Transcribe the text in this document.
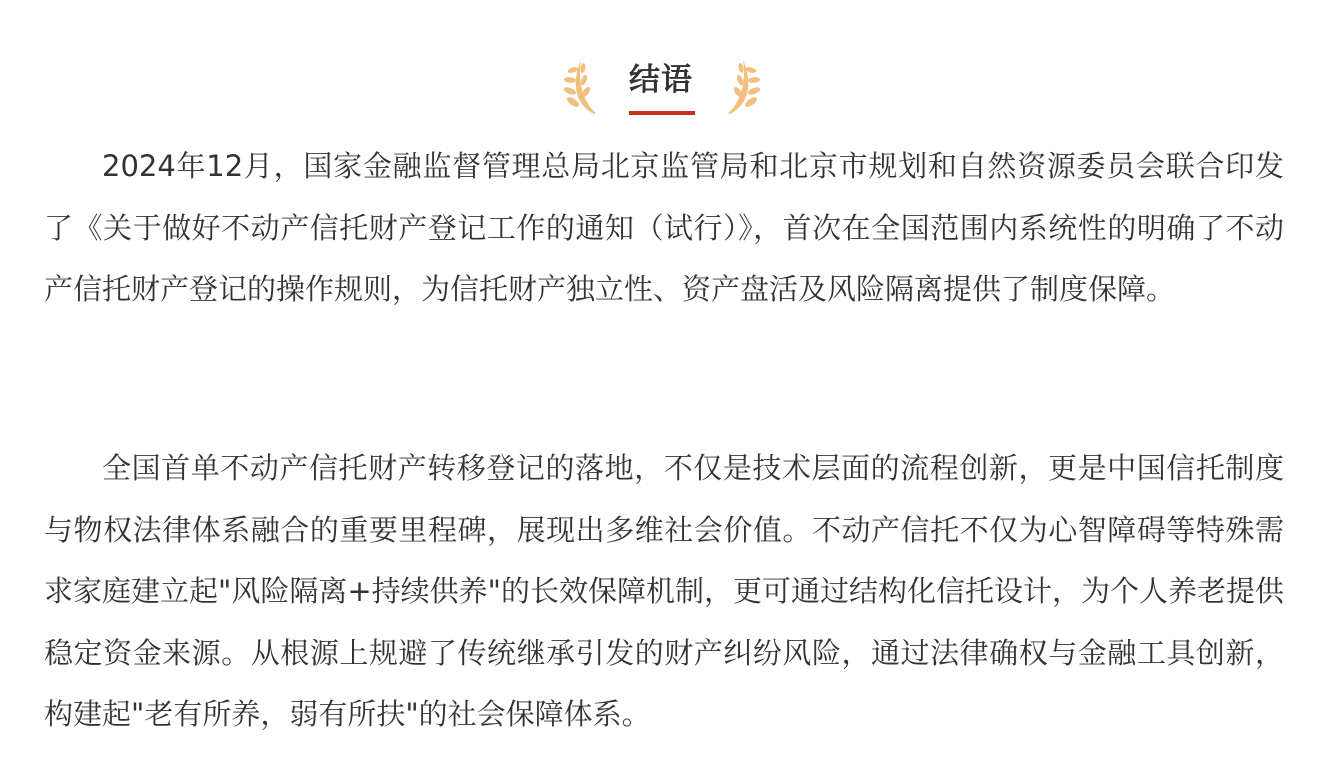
结语

2024年12月，国家金融监督管理总局北京监管局和北京市规划和自然资源委员会联合印发了《关于做好不动产信托财产登记工作的通知（试行）》，首次在全国范围内系统性的明确了不动产信托财产登记的操作规则，为信托财产独立性、资产盘活及风险隔离提供了制度保障。

全国首单不动产信托财产转移登记的落地，不仅是技术层面的流程创新，更是中国信托制度与物权法律体系融合的重要里程碑，展现出多维社会价值。不动产信托不仅为心智障碍等特殊需求家庭建立起"风险隔离+持续供养"的长效保障机制，更可通过结构化信托设计，为个人养老提供稳定资金来源。从根源上规避了传统继承引发的财产纠纷风险，通过法律确权与金融工具创新，构建起"老有所养，弱有所扶"的社会保障体系。
